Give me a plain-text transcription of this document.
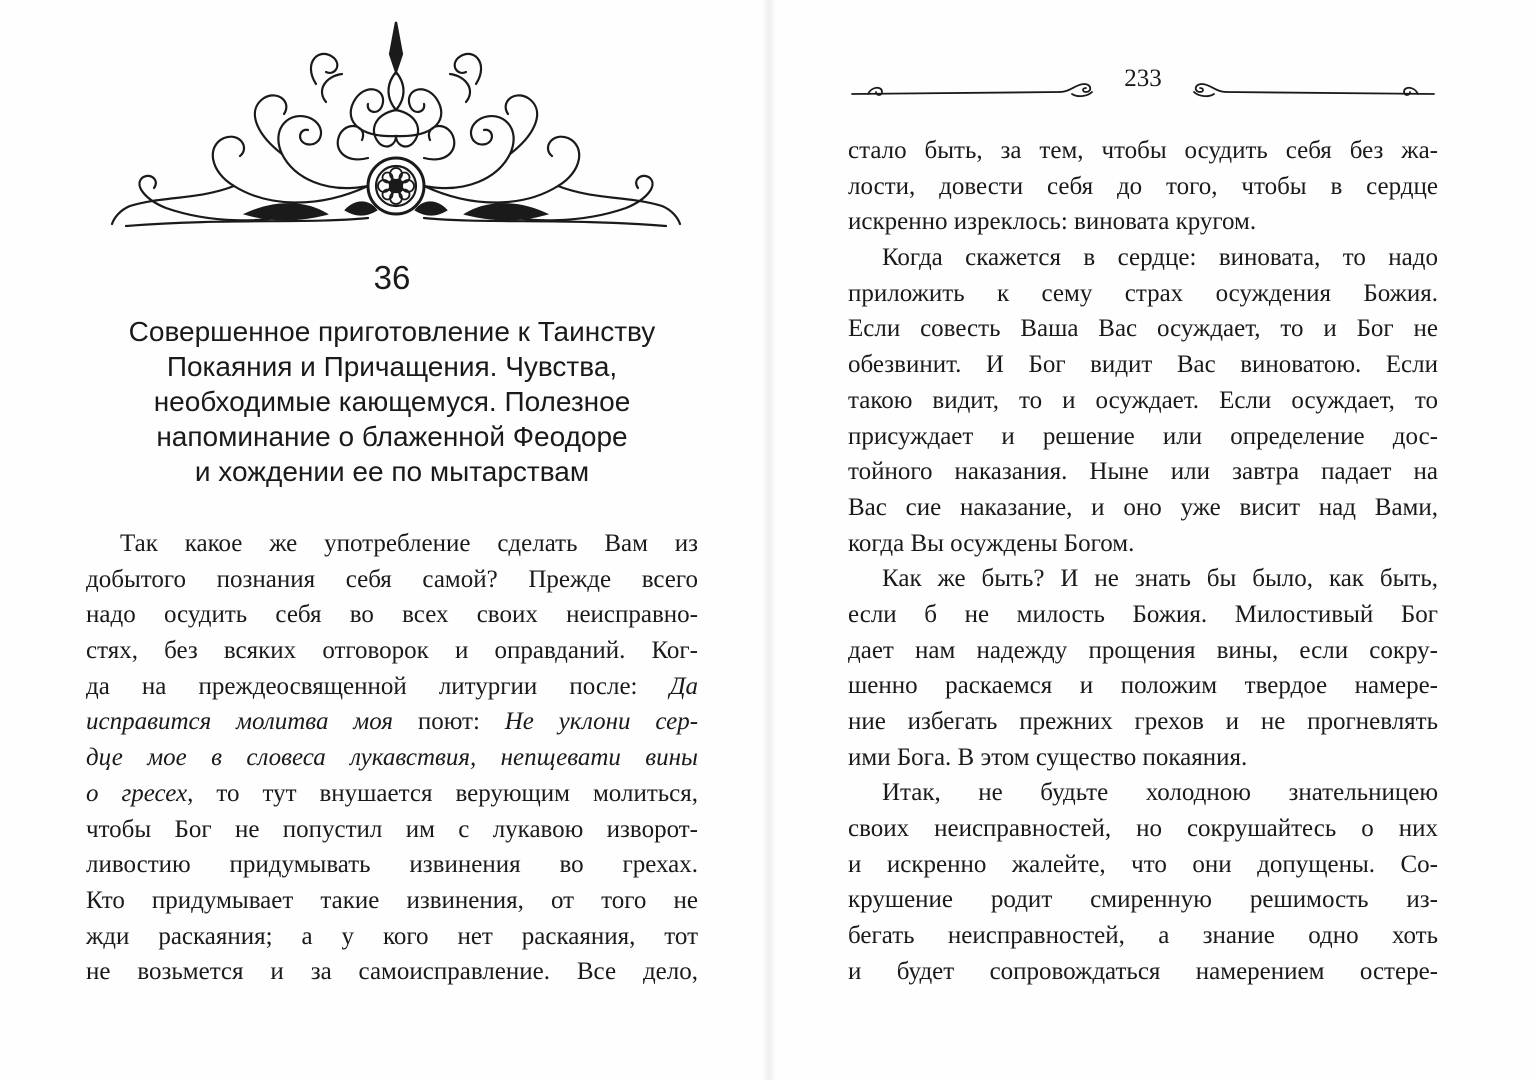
36
Совершенное приготовление к Таинству
Покаяния и Причащения. Чувства,
необходимые кающемуся. Полезное
напоминание о блаженной Феодоре
и хождении ее по мытарствам
Так какое же употребление сделать Вам из
добытого познания себя самой? Прежде всего
надо осудить себя во всех своих неисправно-
стях, без всяких отговорок и оправданий. Ког-
да на преждеосвященной литургии после: Да
исправится молитва моя поют: Не уклони сер-
дце мое в словеса лукавствия, непщевати вины
о гресех, то тут внушается верующим молиться,
чтобы Бог не попустил им с лукавою изворот-
ливостию придумывать извинения во грехах.
Кто придумывает такие извинения, от того не
жди раскаяния; а у кого нет раскаяния, тот
не возьмется и за самоисправление. Все дело,
233
стало быть, за тем, чтобы осудить себя без жа-
лости, довести себя до того, чтобы в сердце
искренно изреклось: виновата кругом.
Когда скажется в сердце: виновата, то надо
приложить к сему страх осуждения Божия.
Если совесть Ваша Вас осуждает, то и Бог не
обезвинит. И Бог видит Вас виноватою. Если
такою видит, то и осуждает. Если осуждает, то
присуждает и решение или определение дос-
тойного наказания. Ныне или завтра падает на
Вас сие наказание, и оно уже висит над Вами,
когда Вы осуждены Богом.
Как же быть? И не знать бы было, как быть,
если б не милость Божия. Милостивый Бог
дает нам надежду прощения вины, если сокру-
шенно раскаемся и положим твердое намере-
ние избегать прежних грехов и не прогневлять
ими Бога. В этом существо покаяния.
Итак, не будьте холодною знательницею
своих неисправностей, но сокрушайтесь о них
и искренно жалейте, что они допущены. Со-
крушение родит смиренную решимость из-
бегать неисправностей, а знание одно хоть
и будет сопровождаться намерением остере-
